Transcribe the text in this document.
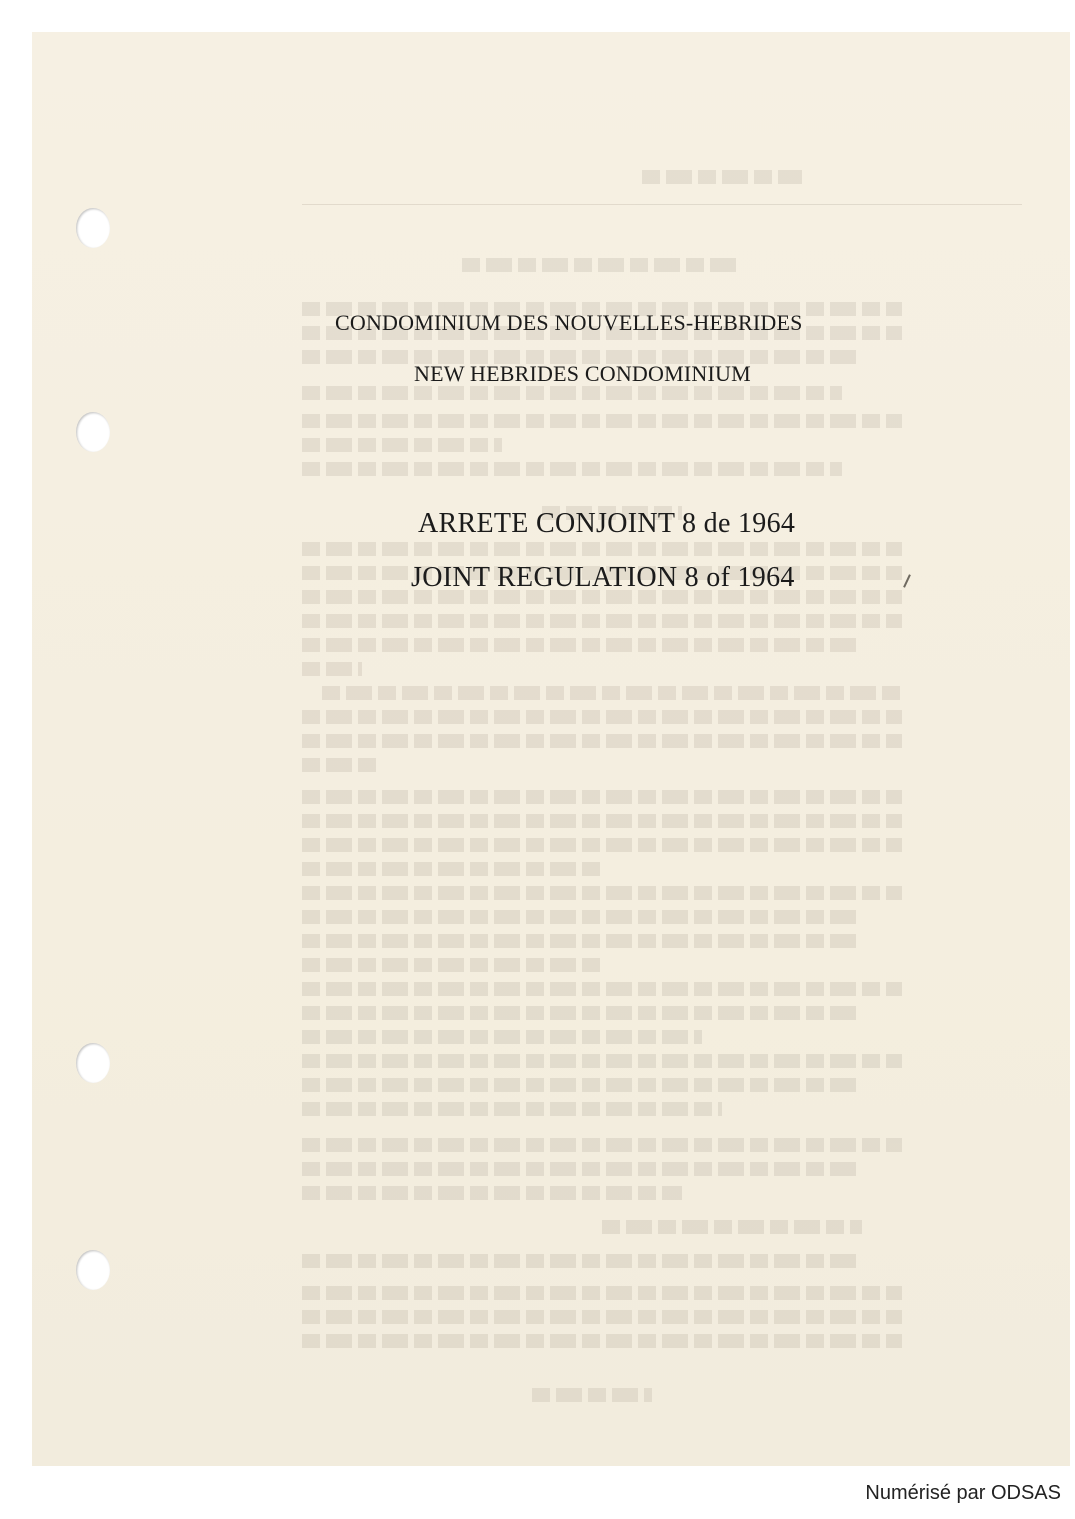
CONDOMINIUM DES NOUVELLES-HEBRIDES
NEW HEBRIDES CONDOMINIUM
ARRETE CONJOINT 8 de 1964
JOINT REGULATION 8 of 1964
Numérisé par ODSAS
